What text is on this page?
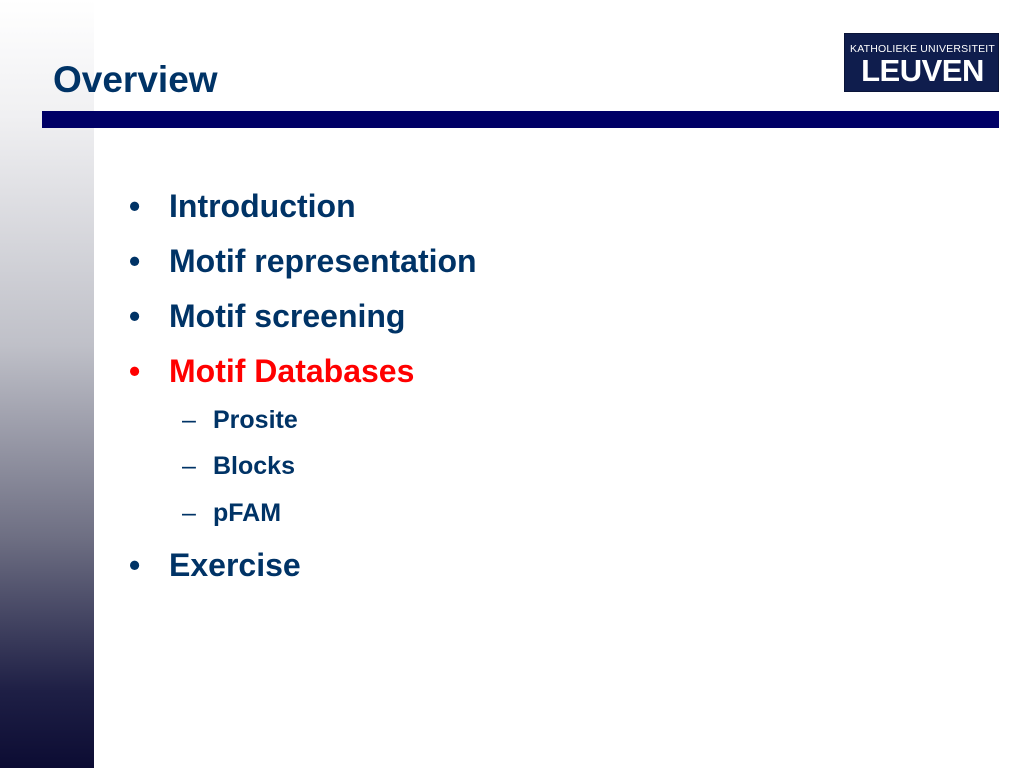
Overview
KATHOLIEKE UNIVERSITEIT
LEUVEN
• Introduction
• Motif representation
• Motif screening
• Motif Databases
– Prosite
– Blocks
– pFAM
• Exercise
